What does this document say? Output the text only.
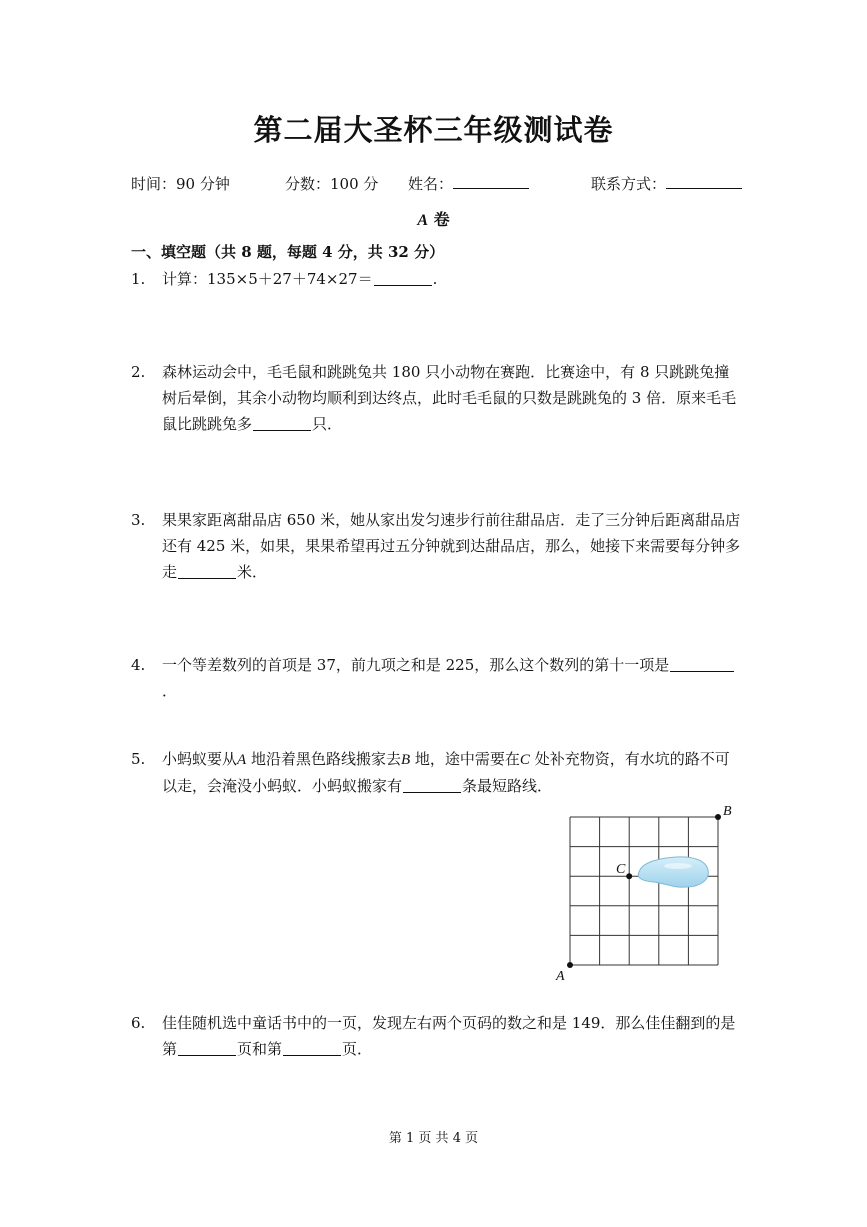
第二届大圣杯三年级测试卷
时间：90 分钟	分数：100 分 姓名：	联系方式：
A 卷
一、填空题（共 8 题，每题 4 分，共 32 分）
1.	计算：135×5＋27＋74×27＝	.
2.	森林运动会中，毛毛鼠和跳跳兔共 180 只小动物在赛跑．比赛途中，有 8 只跳跳兔撞树后晕倒，其余小动物均顺利到达终点，此时毛毛鼠的只数是跳跳兔的 3 倍．原来毛毛鼠比跳跳兔多	只．
3.	果果家距离甜品店 650 米，她从家出发匀速步行前往甜品店．走了三分钟后距离甜品店还有 425 米，如果，果果希望再过五分钟就到达甜品店，那么，她接下来需要每分钟多走	米．
4.	一个等差数列的首项是 37，前九项之和是 225，那么这个数列的第十一项是．
5.	小蚂蚁要从A 地沿着黑色路线搬家去B 地，途中需要在C 处补充物资，有水坑的路不可以走，会淹没小蚂蚁．小蚂蚁搬家有	条最短路线．
A
B
C
6.	佳佳随机选中童话书中的一页，发现左右两个页码的数之和是 149．那么佳佳翻到的是第	页和第	页．
第 1 页 共 4 页
